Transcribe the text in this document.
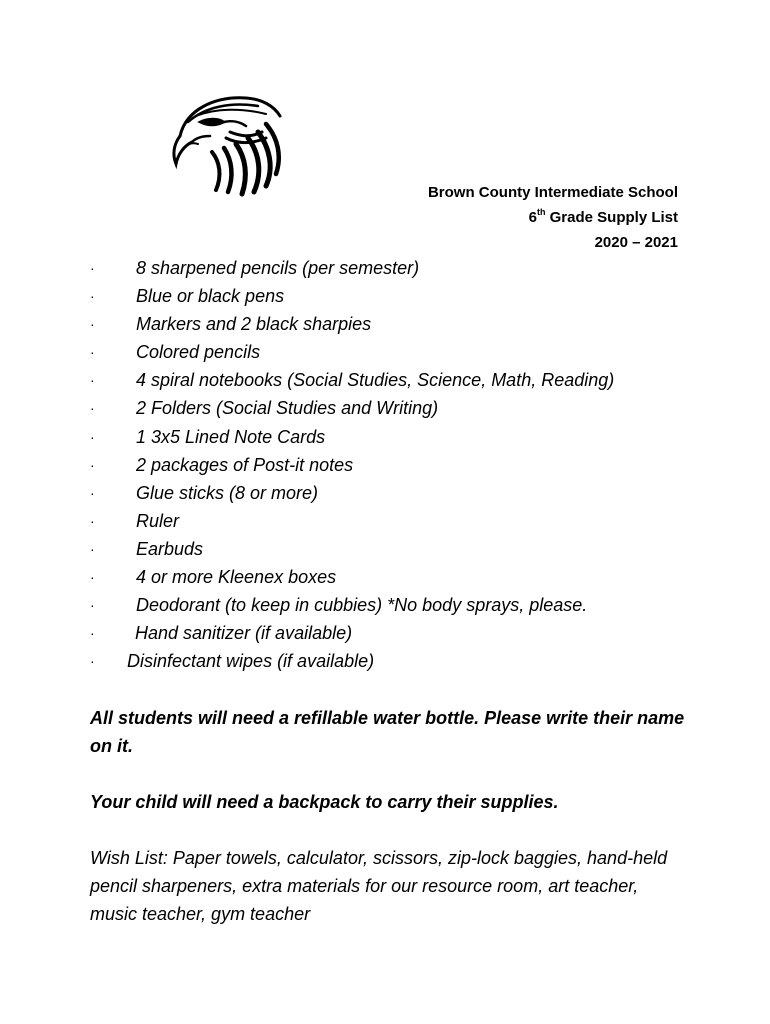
Brown County Intermediate School
6th Grade Supply List
2020 – 2021
· 8 sharpened pencils (per semester)
· Blue or black pens
· Markers and 2 black sharpies
· Colored pencils
· 4 spiral notebooks (Social Studies, Science, Math, Reading)
· 2 Folders (Social Studies and Writing)
· 1 3x5 Lined Note Cards
· 2 packages of Post-it notes
· Glue sticks (8 or more)
· Ruler
· Earbuds
· 4 or more Kleenex boxes
· Deodorant (to keep in cubbies) *No body sprays, please.
· Hand sanitizer (if available)
· Disinfectant wipes (if available)
All students will need a refillable water bottle. Please write their name on it.
Your child will need a backpack to carry their supplies.
Wish List: Paper towels, calculator, scissors, zip-lock baggies, hand-held pencil sharpeners, extra materials for our resource room, art teacher, music teacher, gym teacher
